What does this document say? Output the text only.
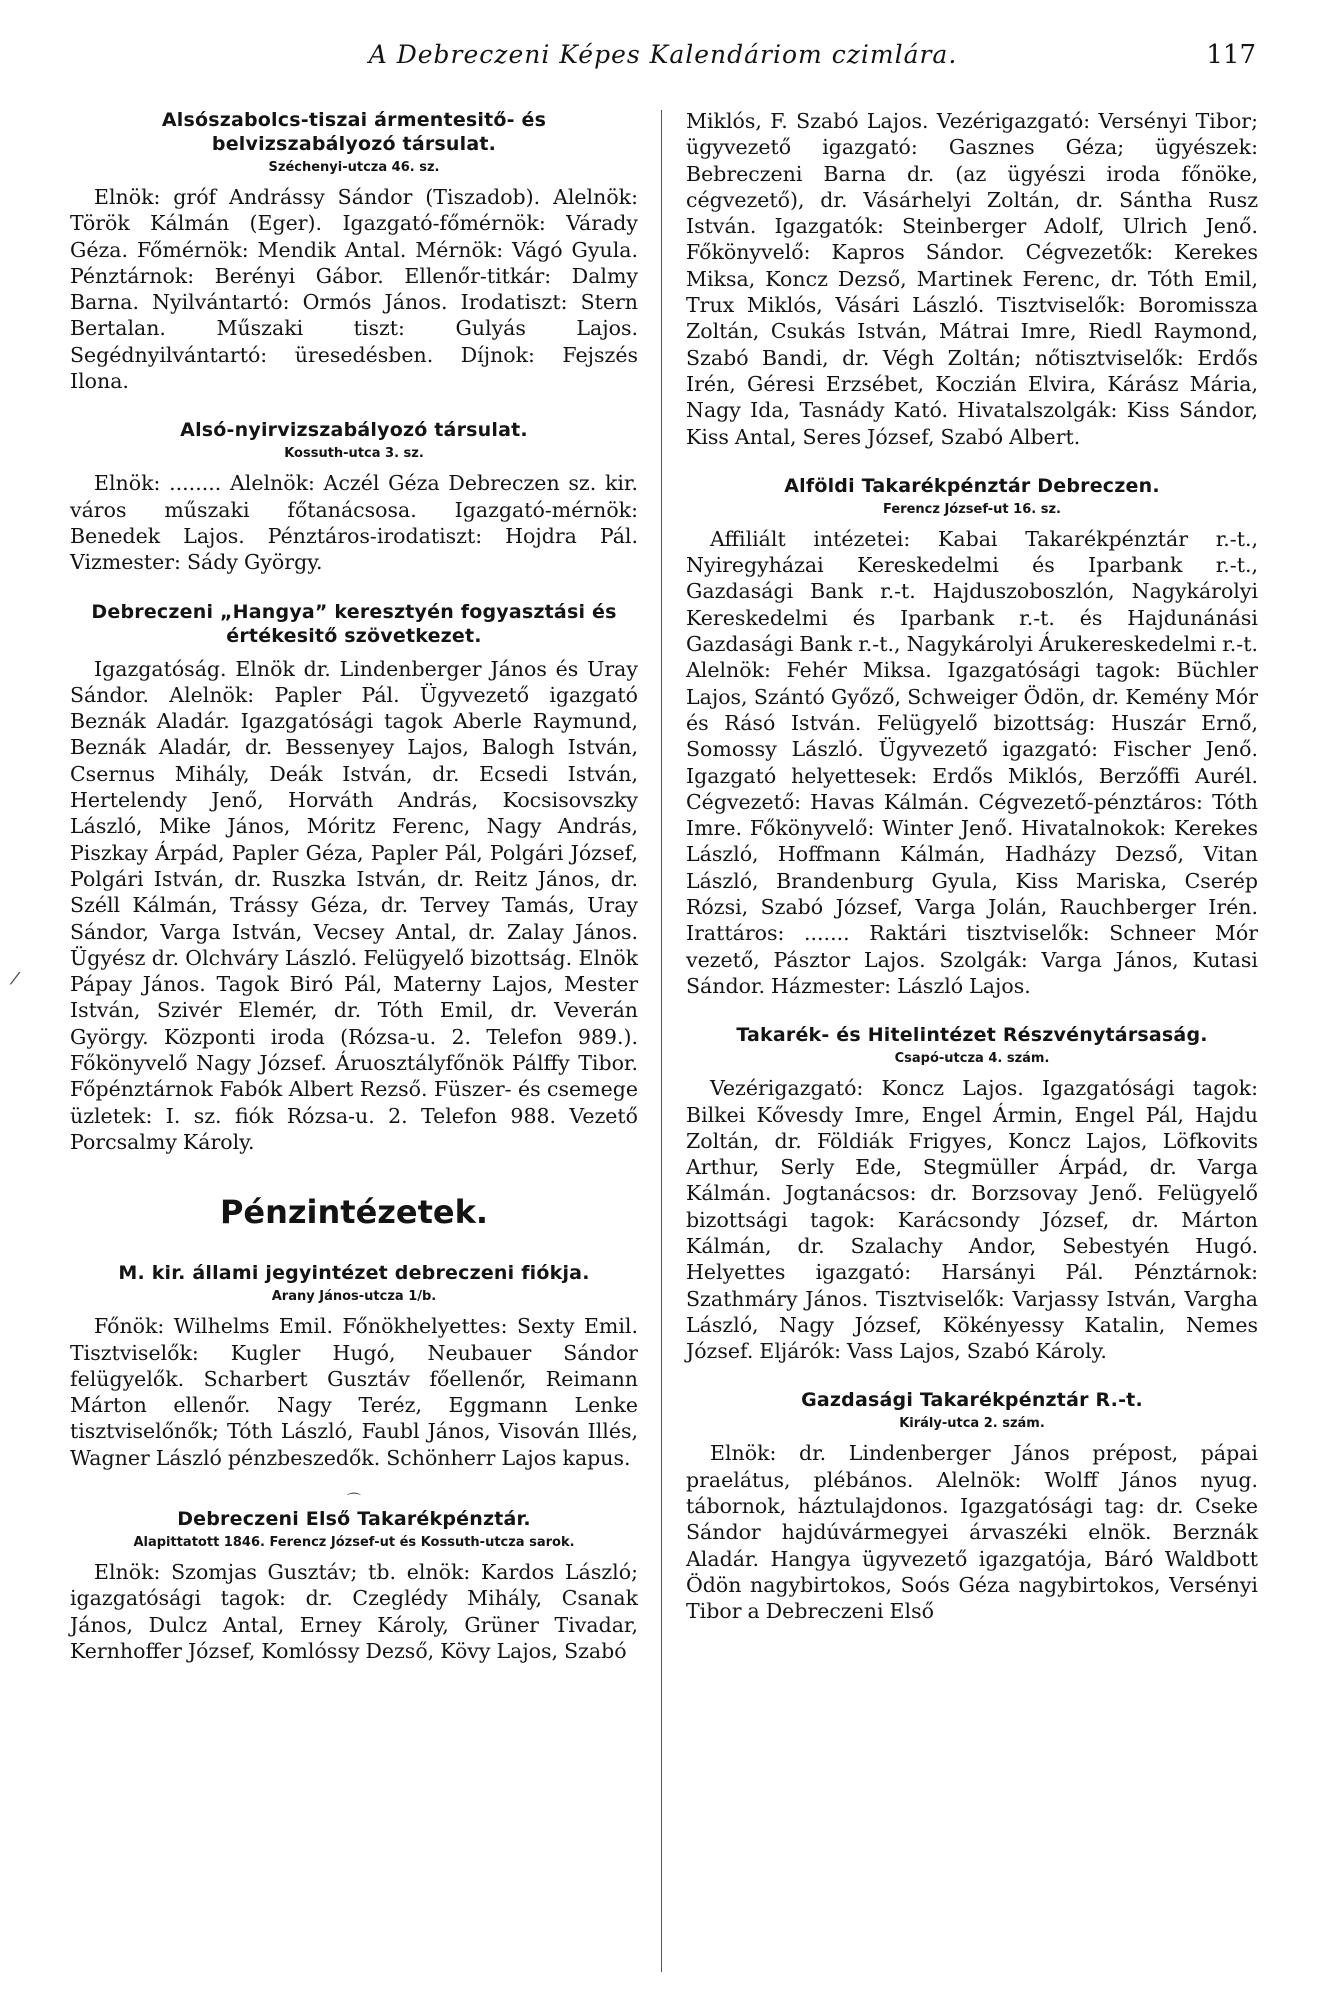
A Debreczeni Képes Kalendáriom czimlára.	117
/
Alsószabolcs-tiszai ármentesitő- és belvizszabályozó társulat.
Széchenyi-utcza 46. sz.
Elnök: gróf Andrássy Sándor (Tiszadob). Alelnök: Török Kálmán (Eger). Igazgató-főmérnök: Várady Géza. Főmérnök: Mendik Antal. Mérnök: Vágó Gyula. Pénztárnok: Berényi Gábor. Ellenőr-titkár: Dalmy Barna. Nyilvántartó: Ormós János. Irodatiszt: Stern Bertalan. Műszaki tiszt: Gulyás Lajos. Segédnyilvántartó: üresedésben. Díjnok: Fejszés Ilona.
Alsó-nyirvizszabályozó társulat.
Kossuth-utca 3. sz.
Elnök: ........ Alelnök: Aczél Géza Debreczen sz. kir. város műszaki főtanácsosa. Igazgató-mérnök: Benedek Lajos. Pénztáros-irodatiszt: Hojdra Pál. Vizmester: Sády György.
Debreczeni „Hangya” keresztyén fogyasztási és értékesitő szövetkezet.
Igazgatóság. Elnök dr. Lindenberger János és Uray Sándor. Alelnök: Papler Pál. Ügyvezető igazgató Beznák Aladár. Igazgatósági tagok Aberle Raymund, Beznák Aladár, dr. Bessenyey Lajos, Balogh István, Csernus Mihály, Deák István, dr. Ecsedi István, Hertelendy Jenő, Horváth András, Kocsisovszky László, Mike János, Móritz Ferenc, Nagy András, Piszkay Árpád, Papler Géza, Papler Pál, Polgári József, Polgári István, dr. Ruszka István, dr. Reitz János, dr. Széll Kálmán, Trássy Géza, dr. Tervey Tamás, Uray Sándor, Varga István, Vecsey Antal, dr. Zalay János. Ügyész dr. Olchváry László. Felügyelő bizottság. Elnök Pápay János. Tagok Biró Pál, Materny Lajos, Mester István, Szivér Elemér, dr. Tóth Emil, dr. Veverán György. Központi iroda (Rózsa-u. 2. Telefon 989.). Főkönyvelő Nagy József. Áruosztályfőnök Pálffy Tibor. Főpénztárnok Fabók Albert Rezső. Füszer- és csemege üzletek: I. sz. fiók Rózsa-u. 2. Telefon 988. Vezető Porcsalmy Károly.
Pénzintézetek.
M. kir. állami jegyintézet debreczeni fiókja.
Arany János-utcza 1/b.
Főnök: Wilhelms Emil. Főnökhelyettes: Sexty Emil. Tisztviselők: Kugler Hugó, Neubauer Sándor felügyelők. Scharbert Gusztáv főellenőr, Reimann Márton ellenőr. Nagy Teréz, Eggmann Lenke tisztviselőnők; Tóth László, Faubl János, Visován Illés, Wagner László pénzbeszedők. Schönherr Lajos kapus.
⌒
Debreczeni Első Takarékpénztár.
Alapittatott 1846. Ferencz József-ut és Kossuth-utcza sarok.
Elnök: Szomjas Gusztáv; tb. elnök: Kardos László; igazgatósági tagok: dr. Czeglédy Mihály, Csanak János, Dulcz Antal, Erney Károly, Grüner Tivadar, Kernhoffer József, Komlóssy Dezső, Kövy Lajos, Szabó
Miklós, F. Szabó Lajos. Vezérigazgató: Versényi Tibor; ügyvezető igazgató: Gasznes Géza; ügyészek: Bebreczeni Barna dr. (az ügyészi iroda főnöke, cégvezető), dr. Vásárhelyi Zoltán, dr. Sántha Rusz István. Igazgatók: Steinberger Adolf, Ulrich Jenő. Főkönyvelő: Kapros Sándor. Cégvezetők: Kerekes Miksa, Koncz Dezső, Martinek Ferenc, dr. Tóth Emil, Trux Miklós, Vásári László. Tisztviselők: Boromissza Zoltán, Csukás István, Mátrai Imre, Riedl Raymond, Szabó Bandi, dr. Végh Zoltán; nőtisztviselők: Erdős Irén, Géresi Erzsébet, Koczián Elvira, Kárász Mária, Nagy Ida, Tasnády Kató. Hivatalszolgák: Kiss Sándor, Kiss Antal, Seres József, Szabó Albert.
Alföldi Takarékpénztár Debreczen.
Ferencz József-ut 16. sz.
Affiliált intézetei: Kabai Takarékpénztár r.-t., Nyiregyházai Kereskedelmi és Iparbank r.-t., Gazdasági Bank r.-t. Hajduszoboszlón, Nagykárolyi Kereskedelmi és Iparbank r.-t. és Hajdunánási Gazdasági Bank r.-t., Nagykárolyi Árukereskedelmi r.-t. Alelnök: Fehér Miksa. Igazgatósági tagok: Büchler Lajos, Szántó Győző, Schweiger Ödön, dr. Kemény Mór és Rásó István. Felügyelő bizottság: Huszár Ernő, Somossy László. Ügyvezető igazgató: Fischer Jenő. Igazgató helyettesek: Erdős Miklós, Berzőffi Aurél. Cégvezető: Havas Kálmán. Cégvezető-pénztáros: Tóth Imre. Főkönyvelő: Winter Jenő. Hivatalnokok: Kerekes László, Hoffmann Kálmán, Hadházy Dezső, Vitan László, Brandenburg Gyula, Kiss Mariska, Cserép Rózsi, Szabó József, Varga Jolán, Rauchberger Irén. Irattáros: ....... Raktári tisztviselők: Schneer Mór vezető, Pásztor Lajos. Szolgák: Varga János, Kutasi Sándor. Házmester: László Lajos.
Takarék- és Hitelintézet Részvénytársaság.
Csapó-utcza 4. szám.
Vezérigazgató: Koncz Lajos. Igazgatósági tagok: Bilkei Kővesdy Imre, Engel Ármin, Engel Pál, Hajdu Zoltán, dr. Földiák Frigyes, Koncz Lajos, Löfkovits Arthur, Serly Ede, Stegmüller Árpád, dr. Varga Kálmán. Jogtanácsos: dr. Borzsovay Jenő. Felügyelő bizottsági tagok: Karácsondy József, dr. Márton Kálmán, dr. Szalachy Andor, Sebestyén Hugó. Helyettes igazgató: Harsányi Pál. Pénztárnok: Szathmáry János. Tisztviselők: Varjassy István, Vargha László, Nagy József, Kökényessy Katalin, Nemes József. Eljárók: Vass Lajos, Szabó Károly.
Gazdasági Takarékpénztár R.-t.
Király-utca 2. szám.
Elnök: dr. Lindenberger János prépost, pápai praelátus, plébános. Alelnök: Wolff János nyug. tábornok, háztulajdonos. Igazgatósági tag: dr. Cseke Sándor hajdúvármegyei árvaszéki elnök. Berznák Aladár. Hangya ügyvezető igazgatója, Báró Waldbott Ödön nagybirtokos, Soós Géza nagybirtokos, Versényi Tibor a Debreczeni Első
